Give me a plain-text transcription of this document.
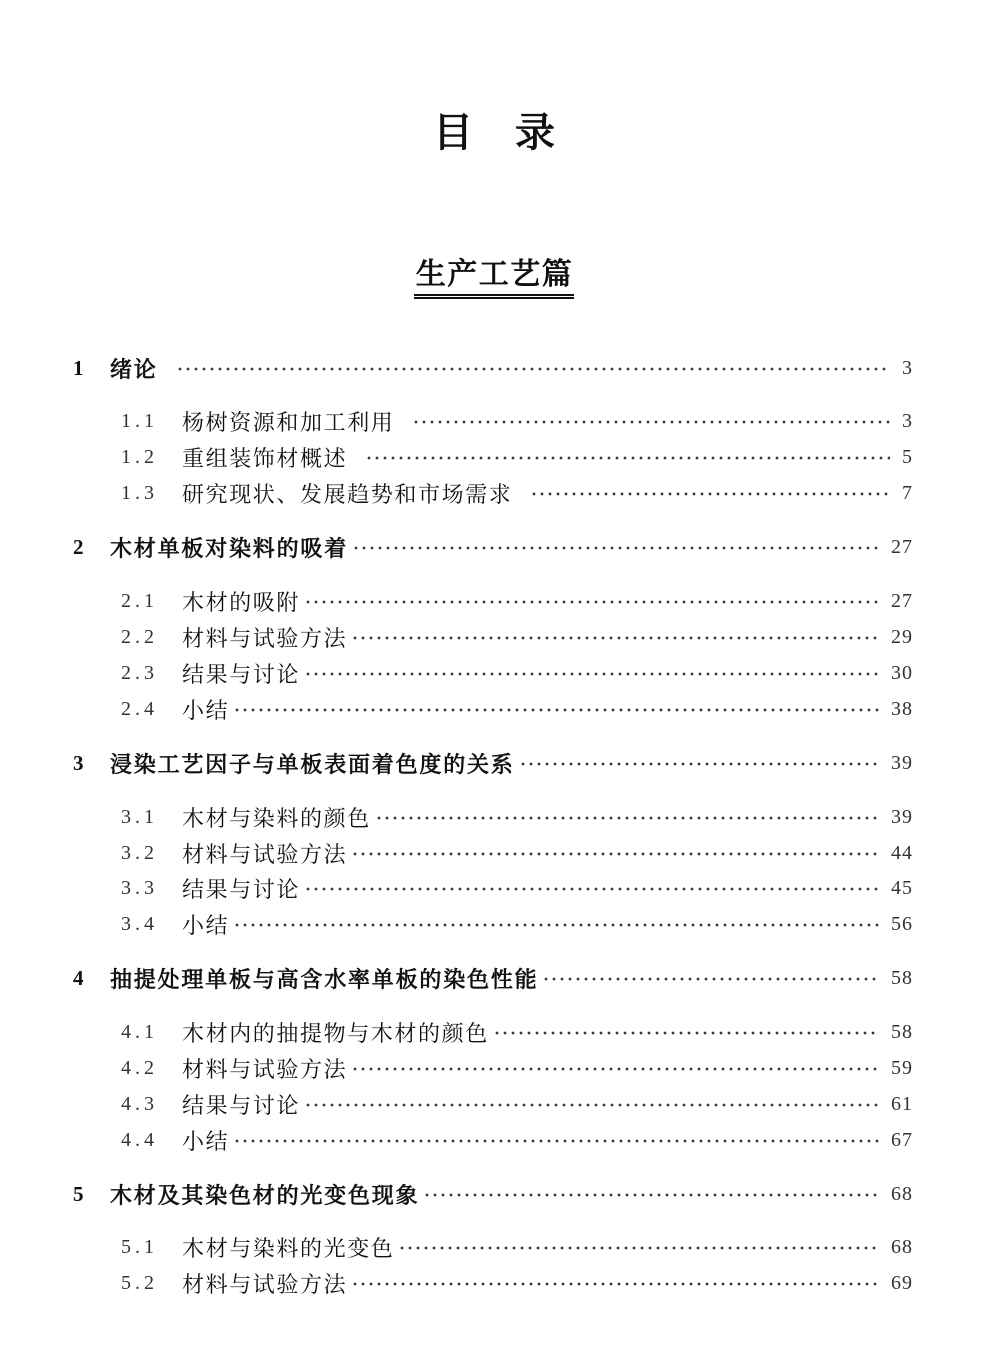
目录
生产工艺篇
1	绪论	3
1.1	杨树资源和加工利用	3
1.2	重组装饰材概述	5
1.3	研究现状、发展趋势和市场需求	7
2	木材单板对染料的吸着	27
2.1	木材的吸附	27
2.2	材料与试验方法	29
2.3	结果与讨论	30
2.4	小结	38
3	浸染工艺因子与单板表面着色度的关系	39
3.1	木材与染料的颜色	39
3.2	材料与试验方法	44
3.3	结果与讨论	45
3.4	小结	56
4	抽提处理单板与高含水率单板的染色性能	58
4.1	木材内的抽提物与木材的颜色	58
4.2	材料与试验方法	59
4.3	结果与讨论	61
4.4	小结	67
5	木材及其染色材的光变色现象	68
5.1	木材与染料的光变色	68
5.2	材料与试验方法	69
